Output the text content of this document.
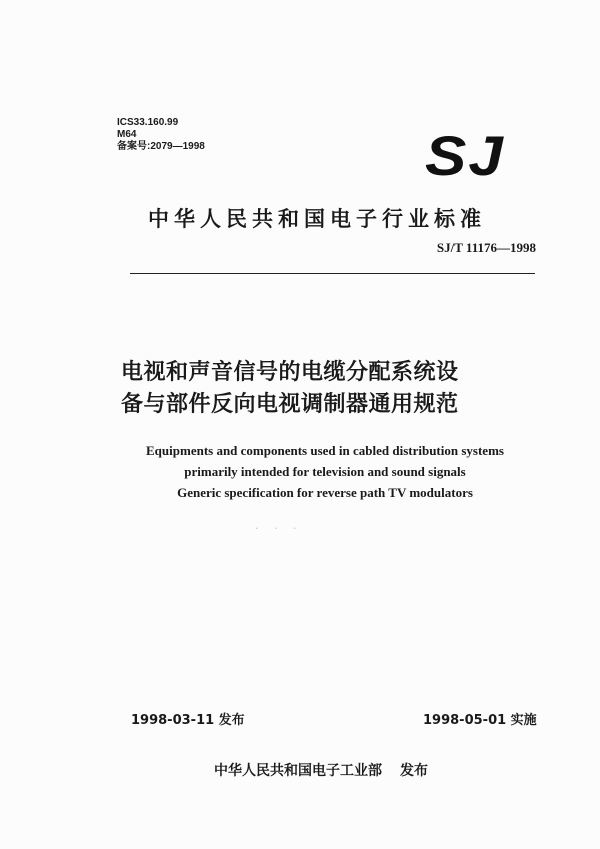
ICS33.160.99
M64
备案号:2079—1998	SJ
中华人民共和国电子行业标准
SJ/T 11176—1998
电视和声音信号的电缆分配系统设
备与部件反向电视调制器通用规范
Equipments and components used in cabled distribution systems
primarily intended for television and sound signals
Generic specification for reverse path TV modulators
· · ·
1998-03-11 发布	1998-05-01 实施
中华人民共和国电子工业部 发布
